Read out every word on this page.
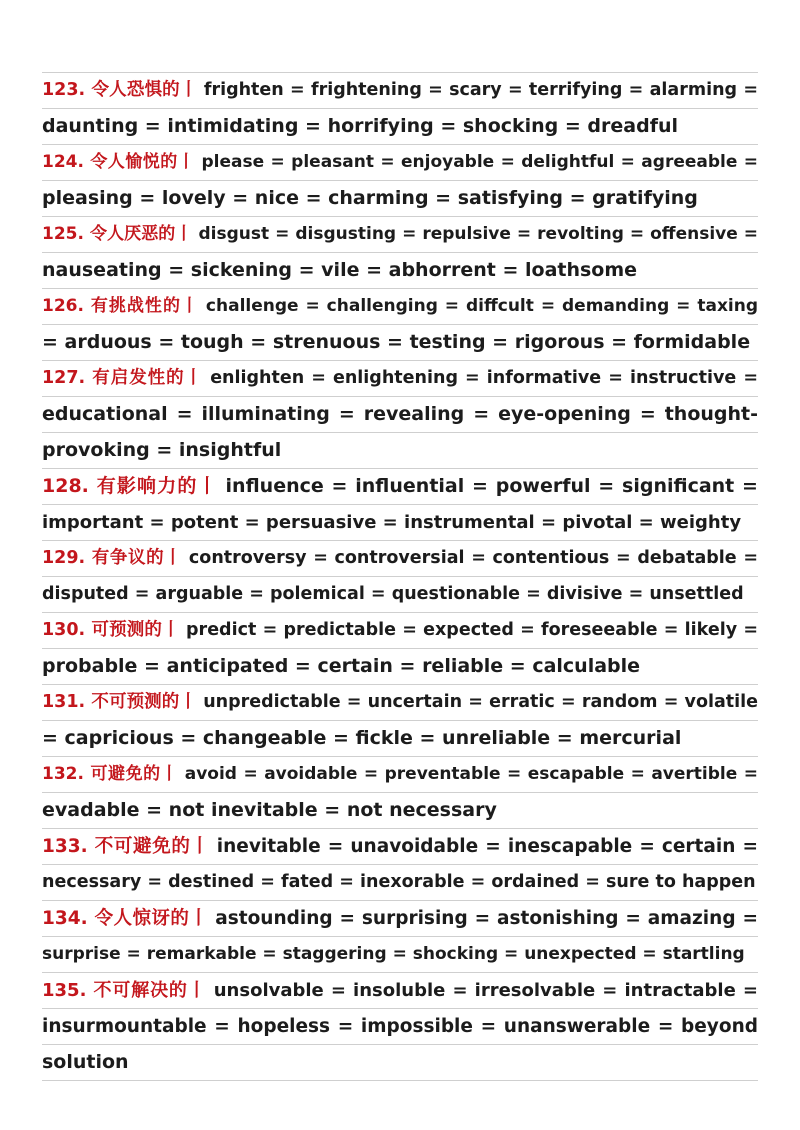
123. 令人恐惧的丨 frighten = frightening = scary = terrifying = alarming =
daunting = intimidating = horrifying = shocking = dreadful
124. 令人愉悦的丨 please = pleasant = enjoyable = delightful = agreeable =
pleasing = lovely = nice = charming = satisfying = gratifying
125. 令人厌恶的丨 disgust = disgusting = repulsive = revolting = offensive =
nauseating = sickening = vile = abhorrent = loathsome
126. 有挑战性的丨 challenge = challenging = diffcult = demanding = taxing
= arduous = tough = strenuous = testing = rigorous = formidable
127. 有启发性的丨 enlighten = enlightening = informative = instructive =
educational = illuminating = revealing = eye-opening = thought-
provoking = insightful
128. 有影响力的丨 influence = influential = powerful = significant =
important = potent = persuasive = instrumental = pivotal = weighty
129. 有争议的丨 controversy = controversial = contentious = debatable =
disputed = arguable = polemical = questionable = divisive = unsettled
130. 可预测的丨 predict = predictable = expected = foreseeable = likely =
probable = anticipated = certain = reliable = calculable
131. 不可预测的丨 unpredictable = uncertain = erratic = random = volatile
= capricious = changeable = fickle = unreliable = mercurial
132. 可避免的丨 avoid = avoidable = preventable = escapable = avertible =
evadable = not inevitable = not necessary
133. 不可避免的丨 inevitable = unavoidable = inescapable = certain =
necessary = destined = fated = inexorable = ordained = sure to happen
134. 令人惊讶的丨 astounding = surprising = astonishing = amazing =
surprise = remarkable = staggering = shocking = unexpected = startling
135. 不可解决的丨 unsolvable = insoluble = irresolvable = intractable =
insurmountable = hopeless = impossible = unanswerable = beyond
solution
